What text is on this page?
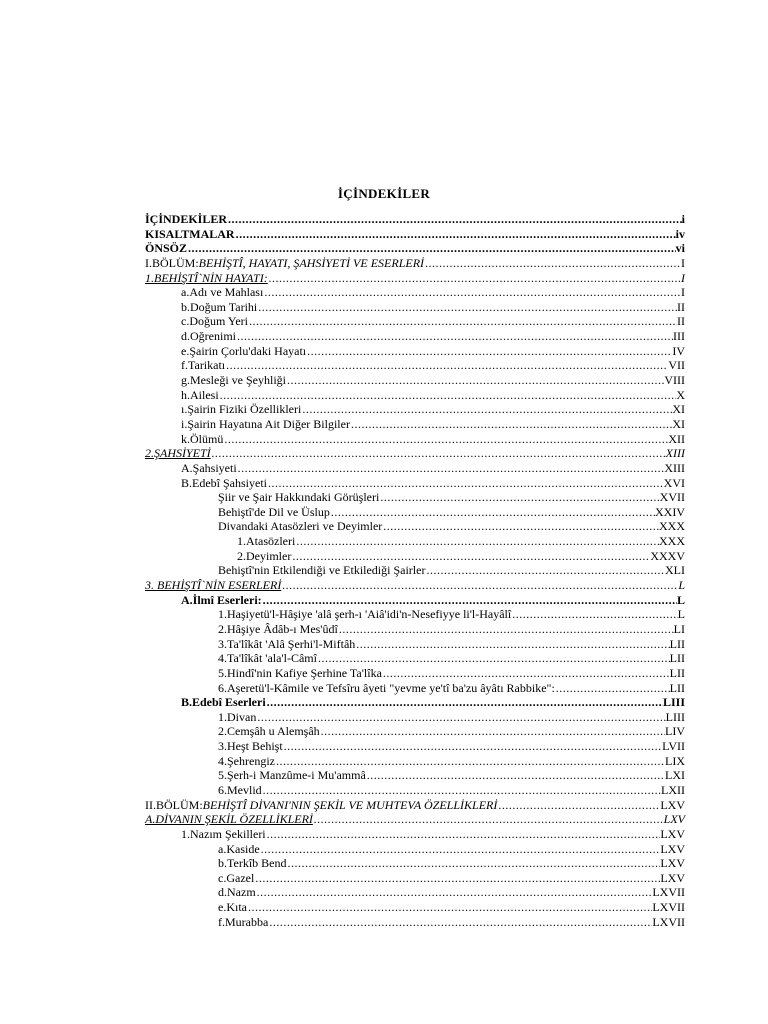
İÇİNDEKİLER
İÇİNDEKİLER .....	i
KISALTMALAR .....	iv
ÖNSÖZ .....	vi
I.BÖLÜM: BEHİŞTÎ, HAYATI, ŞAHSİYETİ VE ESERLERİ .....	I
1.BEHİŞTÎ`NİN HAYATI: .....	I
a.Adı ve Mahlası .....	I
b.Doğum Tarihi .....	II
c.Doğum Yeri .....	II
d.Oğrenimi .....	III
e.Şairin Çorlu'daki Hayatı .....	IV
f.Tarikatı .....	VII
g.Mesleği ve Şeyhliği .....	VIII
h.Ailesi .....	X
ı.Şairin Fiziki Özellikleri .....	XI
i.Şairin Hayatına Ait Diğer Bilgiler .....	XI
k.Ölümü .....	XII
2.ŞAHSİYETİ .....	XIII
A.Şahsiyeti .....	XIII
B.Edebî Şahsiyeti .....	XVI
Şiir ve Şair Hakkındaki Görüşleri .....	XVII
Behiştî'de Dil ve Üslup .....	XXIV
Divandaki Atasözleri ve Deyimler .....	XXX
1.Atasözleri .....	XXX
2.Deyimler .....	XXXV
Behiştî'nin Etkilendiği ve Etkilediği Şairler .....	XLI
3. BEHİŞTÎ`NİN ESERLERİ .....	L
A.İlmî Eserleri: .....	L
1.Haşiyetü'l-Hâşiye 'alâ şerh-ı 'Aiâ'idi'n-Nesefiyye li'l-Hayâlî .....	L
2.Hâşiye Âdâb-ı Mes'ûdî .....	LI
3.Ta'lîkât 'Alâ Şerhi'l-Miftâh .....	LII
4.Ta'lîkât 'ala'l-Câmî .....	LII
5.Hindî'nin Kafiye Şerhine Ta'lîka .....	LII
6.Aşeretü'l-Kâmile ve Tefsîru âyeti "yevme ye'tî ba'zu âyâtı Rabbike": .....	LII
B.Edebî Eserleri .....	LIII
1.Divan .....	LIII
2.Cemşâh u Alemşâh .....	LIV
3.Heşt Behişt .....	LVII
4.Şehrengiz .....	LIX
5.Şerh-i Manzûme-i Mu'ammâ .....	LXI
6.Mevlid .....	LXII
II.BÖLÜM: BEHİŞTÎ DİVANI'NIN ŞEKİL VE MUHTEVA ÖZELLİKLERİ .....	LXV
A.DİVANIN ŞEKİL ÖZELLİKLERİ .....	LXV
1.Nazım Şekilleri .....	LXV
a.Kaside .....	LXV
b.Terkîb Bend .....	LXV
c.Gazel .....	LXV
d.Nazm .....	LXVII
e.Kıta .....	LXVII
f.Murabba .....	LXVII
